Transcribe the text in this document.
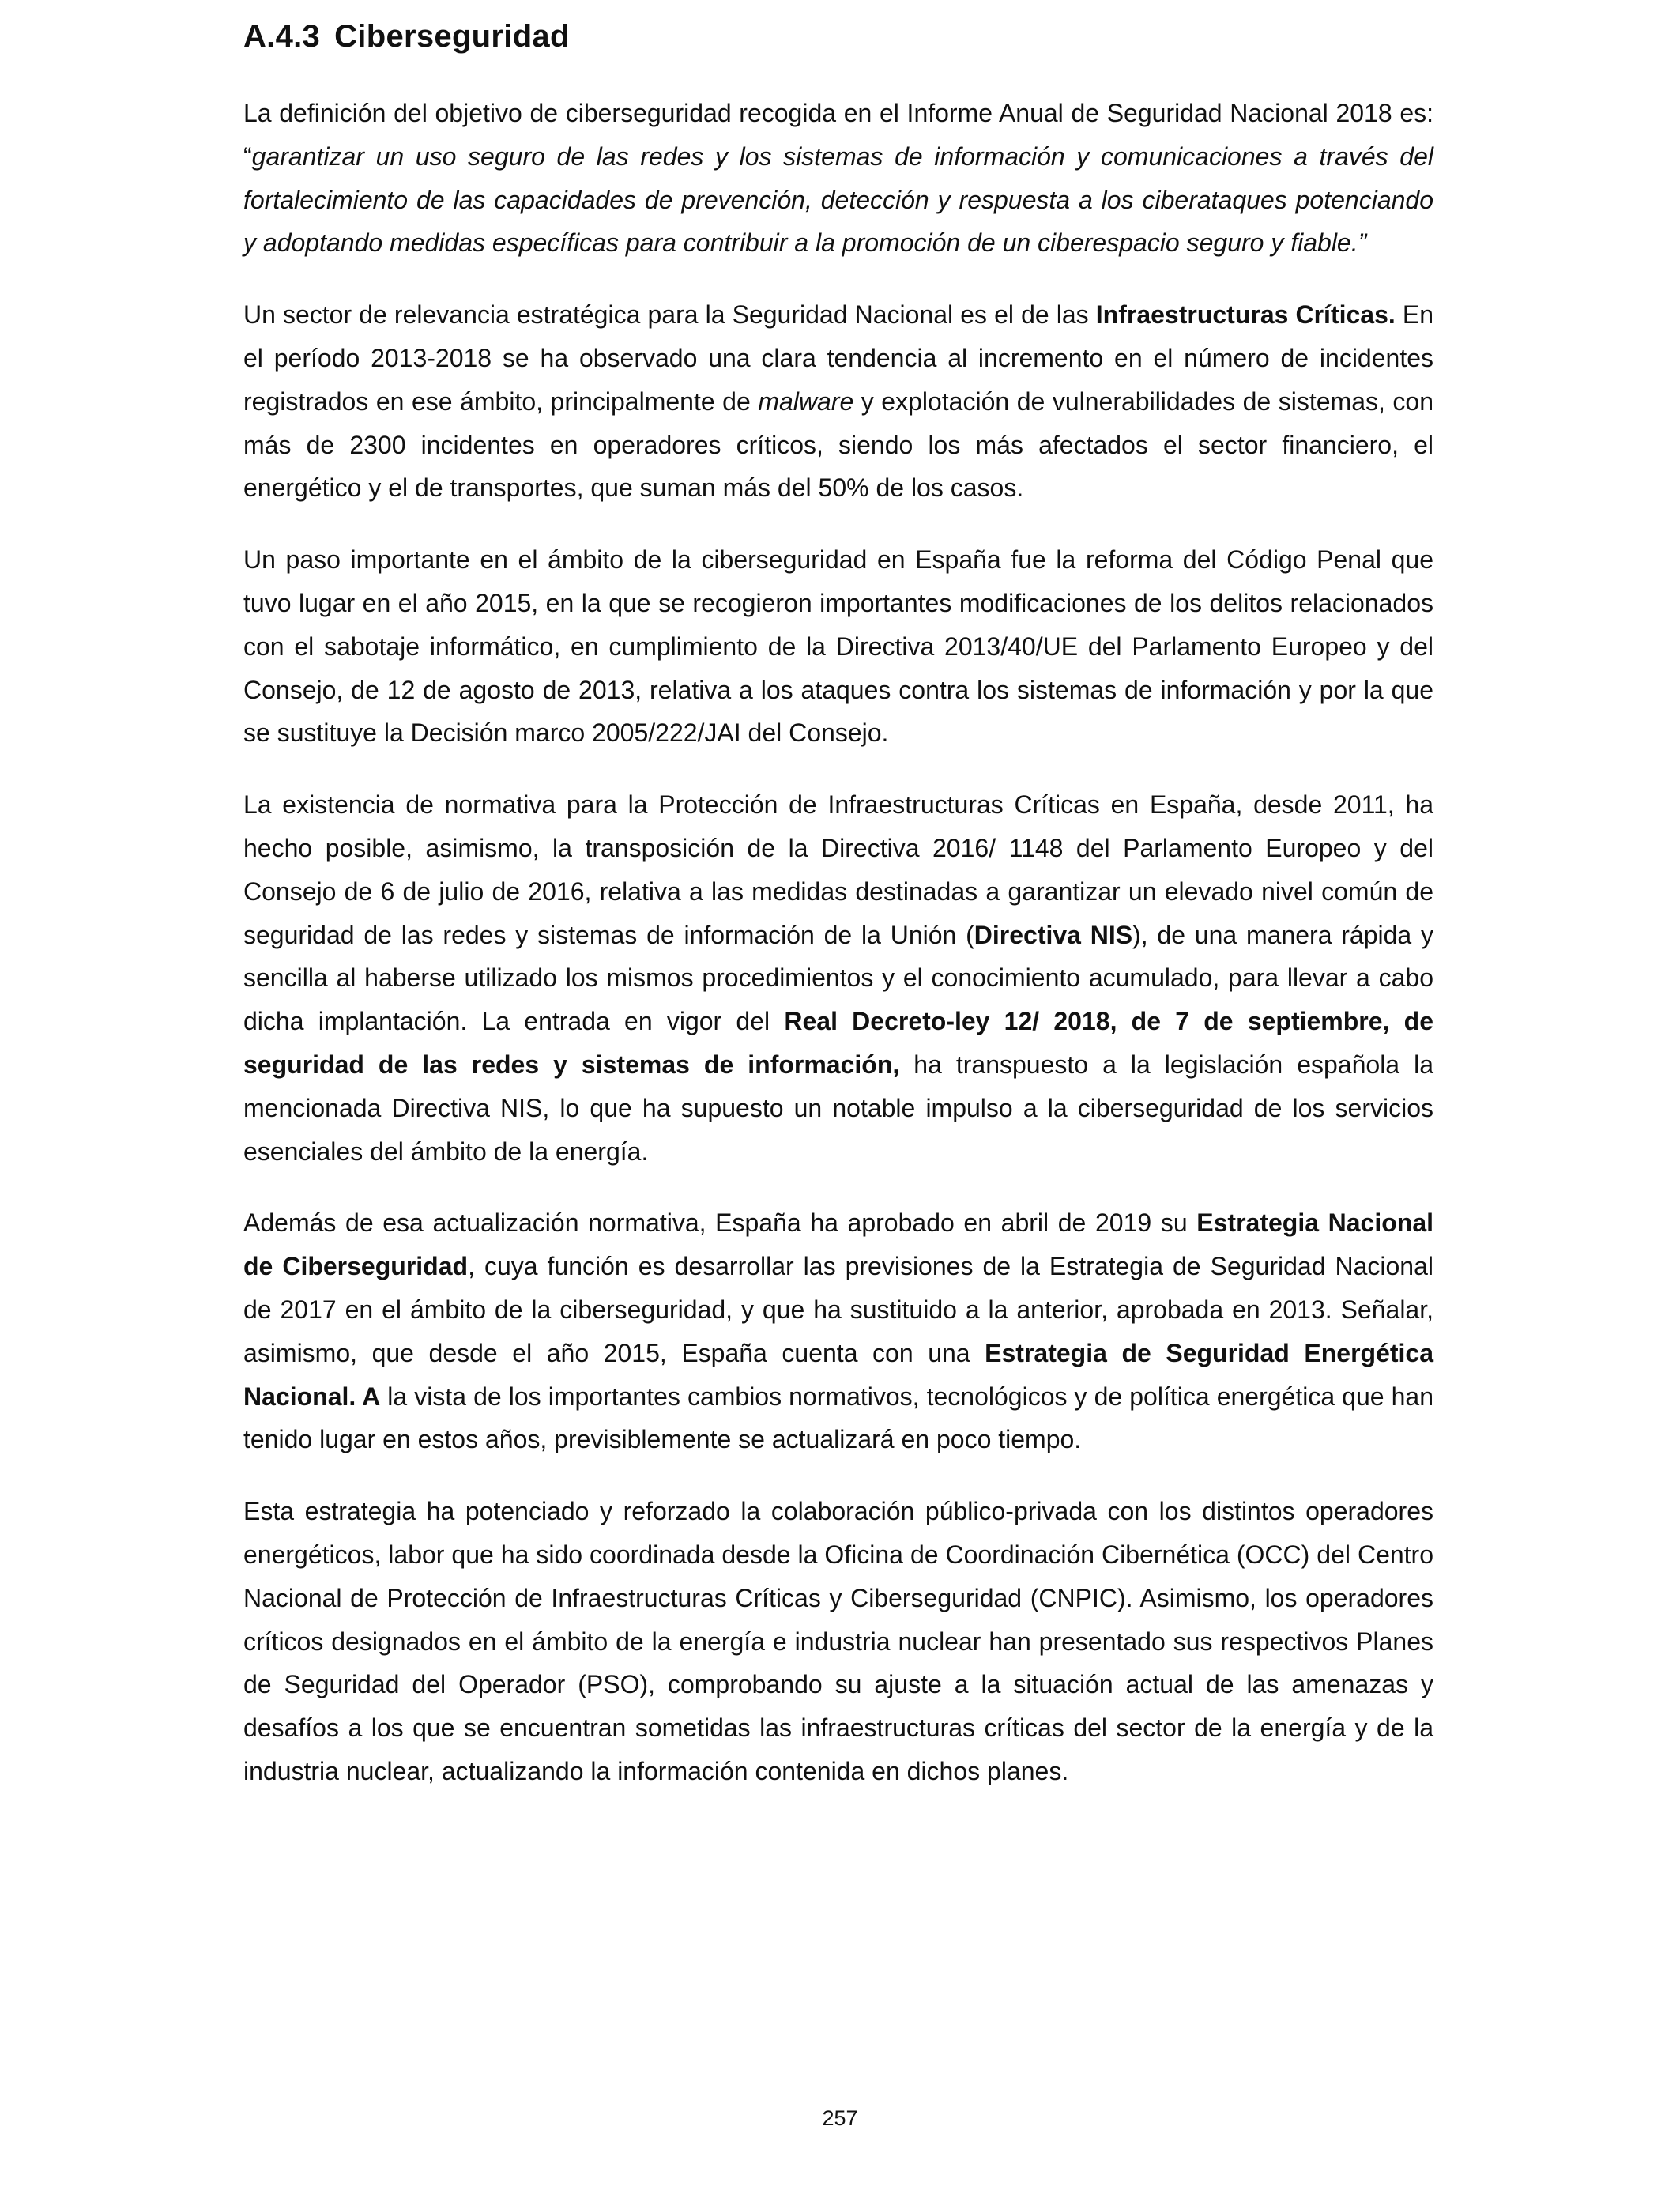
A.4.3 Ciberseguridad

La definición del objetivo de ciberseguridad recogida en el Informe Anual de Seguridad Nacional 2018 es: “garantizar un uso seguro de las redes y los sistemas de información y comunicaciones a través del fortalecimiento de las capacidades de prevención, detección y respuesta a los ciberataques potenciando y adoptando medidas específicas para contribuir a la promoción de un ciberespacio seguro y fiable.”

Un sector de relevancia estratégica para la Seguridad Nacional es el de las Infraestructuras Críticas. En el período 2013-2018 se ha observado una clara tendencia al incremento en el número de incidentes registrados en ese ámbito, principalmente de malware y explotación de vulnerabilidades de sistemas, con más de 2300 incidentes en operadores críticos, siendo los más afectados el sector financiero, el energético y el de transportes, que suman más del 50% de los casos.

Un paso importante en el ámbito de la ciberseguridad en España fue la reforma del Código Penal que tuvo lugar en el año 2015, en la que se recogieron importantes modificaciones de los delitos relacionados con el sabotaje informático, en cumplimiento de la Directiva 2013/40/UE del Parlamento Europeo y del Consejo, de 12 de agosto de 2013, relativa a los ataques contra los sistemas de información y por la que se sustituye la Decisión marco 2005/222/JAI del Consejo.

La existencia de normativa para la Protección de Infraestructuras Críticas en España, desde 2011, ha hecho posible, asimismo, la transposición de la Directiva 2016/ 1148 del Parlamento Europeo y del Consejo de 6 de julio de 2016, relativa a las medidas destinadas a garantizar un elevado nivel común de seguridad de las redes y sistemas de información de la Unión (Directiva NIS), de una manera rápida y sencilla al haberse utilizado los mismos procedimientos y el conocimiento acumulado, para llevar a cabo dicha implantación. La entrada en vigor del Real Decreto-ley 12/ 2018, de 7 de septiembre, de seguridad de las redes y sistemas de información, ha transpuesto a la legislación española la mencionada Directiva NIS, lo que ha supuesto un notable impulso a la ciberseguridad de los servicios esenciales del ámbito de la energía.

Además de esa actualización normativa, España ha aprobado en abril de 2019 su Estrategia Nacional de Ciberseguridad, cuya función es desarrollar las previsiones de la Estrategia de Seguridad Nacional de 2017 en el ámbito de la ciberseguridad, y que ha sustituido a la anterior, aprobada en 2013. Señalar, asimismo, que desde el año 2015, España cuenta con una Estrategia de Seguridad Energética Nacional. A la vista de los importantes cambios normativos, tecnológicos y de política energética que han tenido lugar en estos años, previsiblemente se actualizará en poco tiempo.

Esta estrategia ha potenciado y reforzado la colaboración público-privada con los distintos operadores energéticos, labor que ha sido coordinada desde la Oficina de Coordinación Cibernética (OCC) del Centro Nacional de Protección de Infraestructuras Críticas y Ciberseguridad (CNPIC). Asimismo, los operadores críticos designados en el ámbito de la energía e industria nuclear han presentado sus respectivos Planes de Seguridad del Operador (PSO), comprobando su ajuste a la situación actual de las amenazas y desafíos a los que se encuentran sometidas las infraestructuras críticas del sector de la energía y de la industria nuclear, actualizando la información contenida en dichos planes.

257
